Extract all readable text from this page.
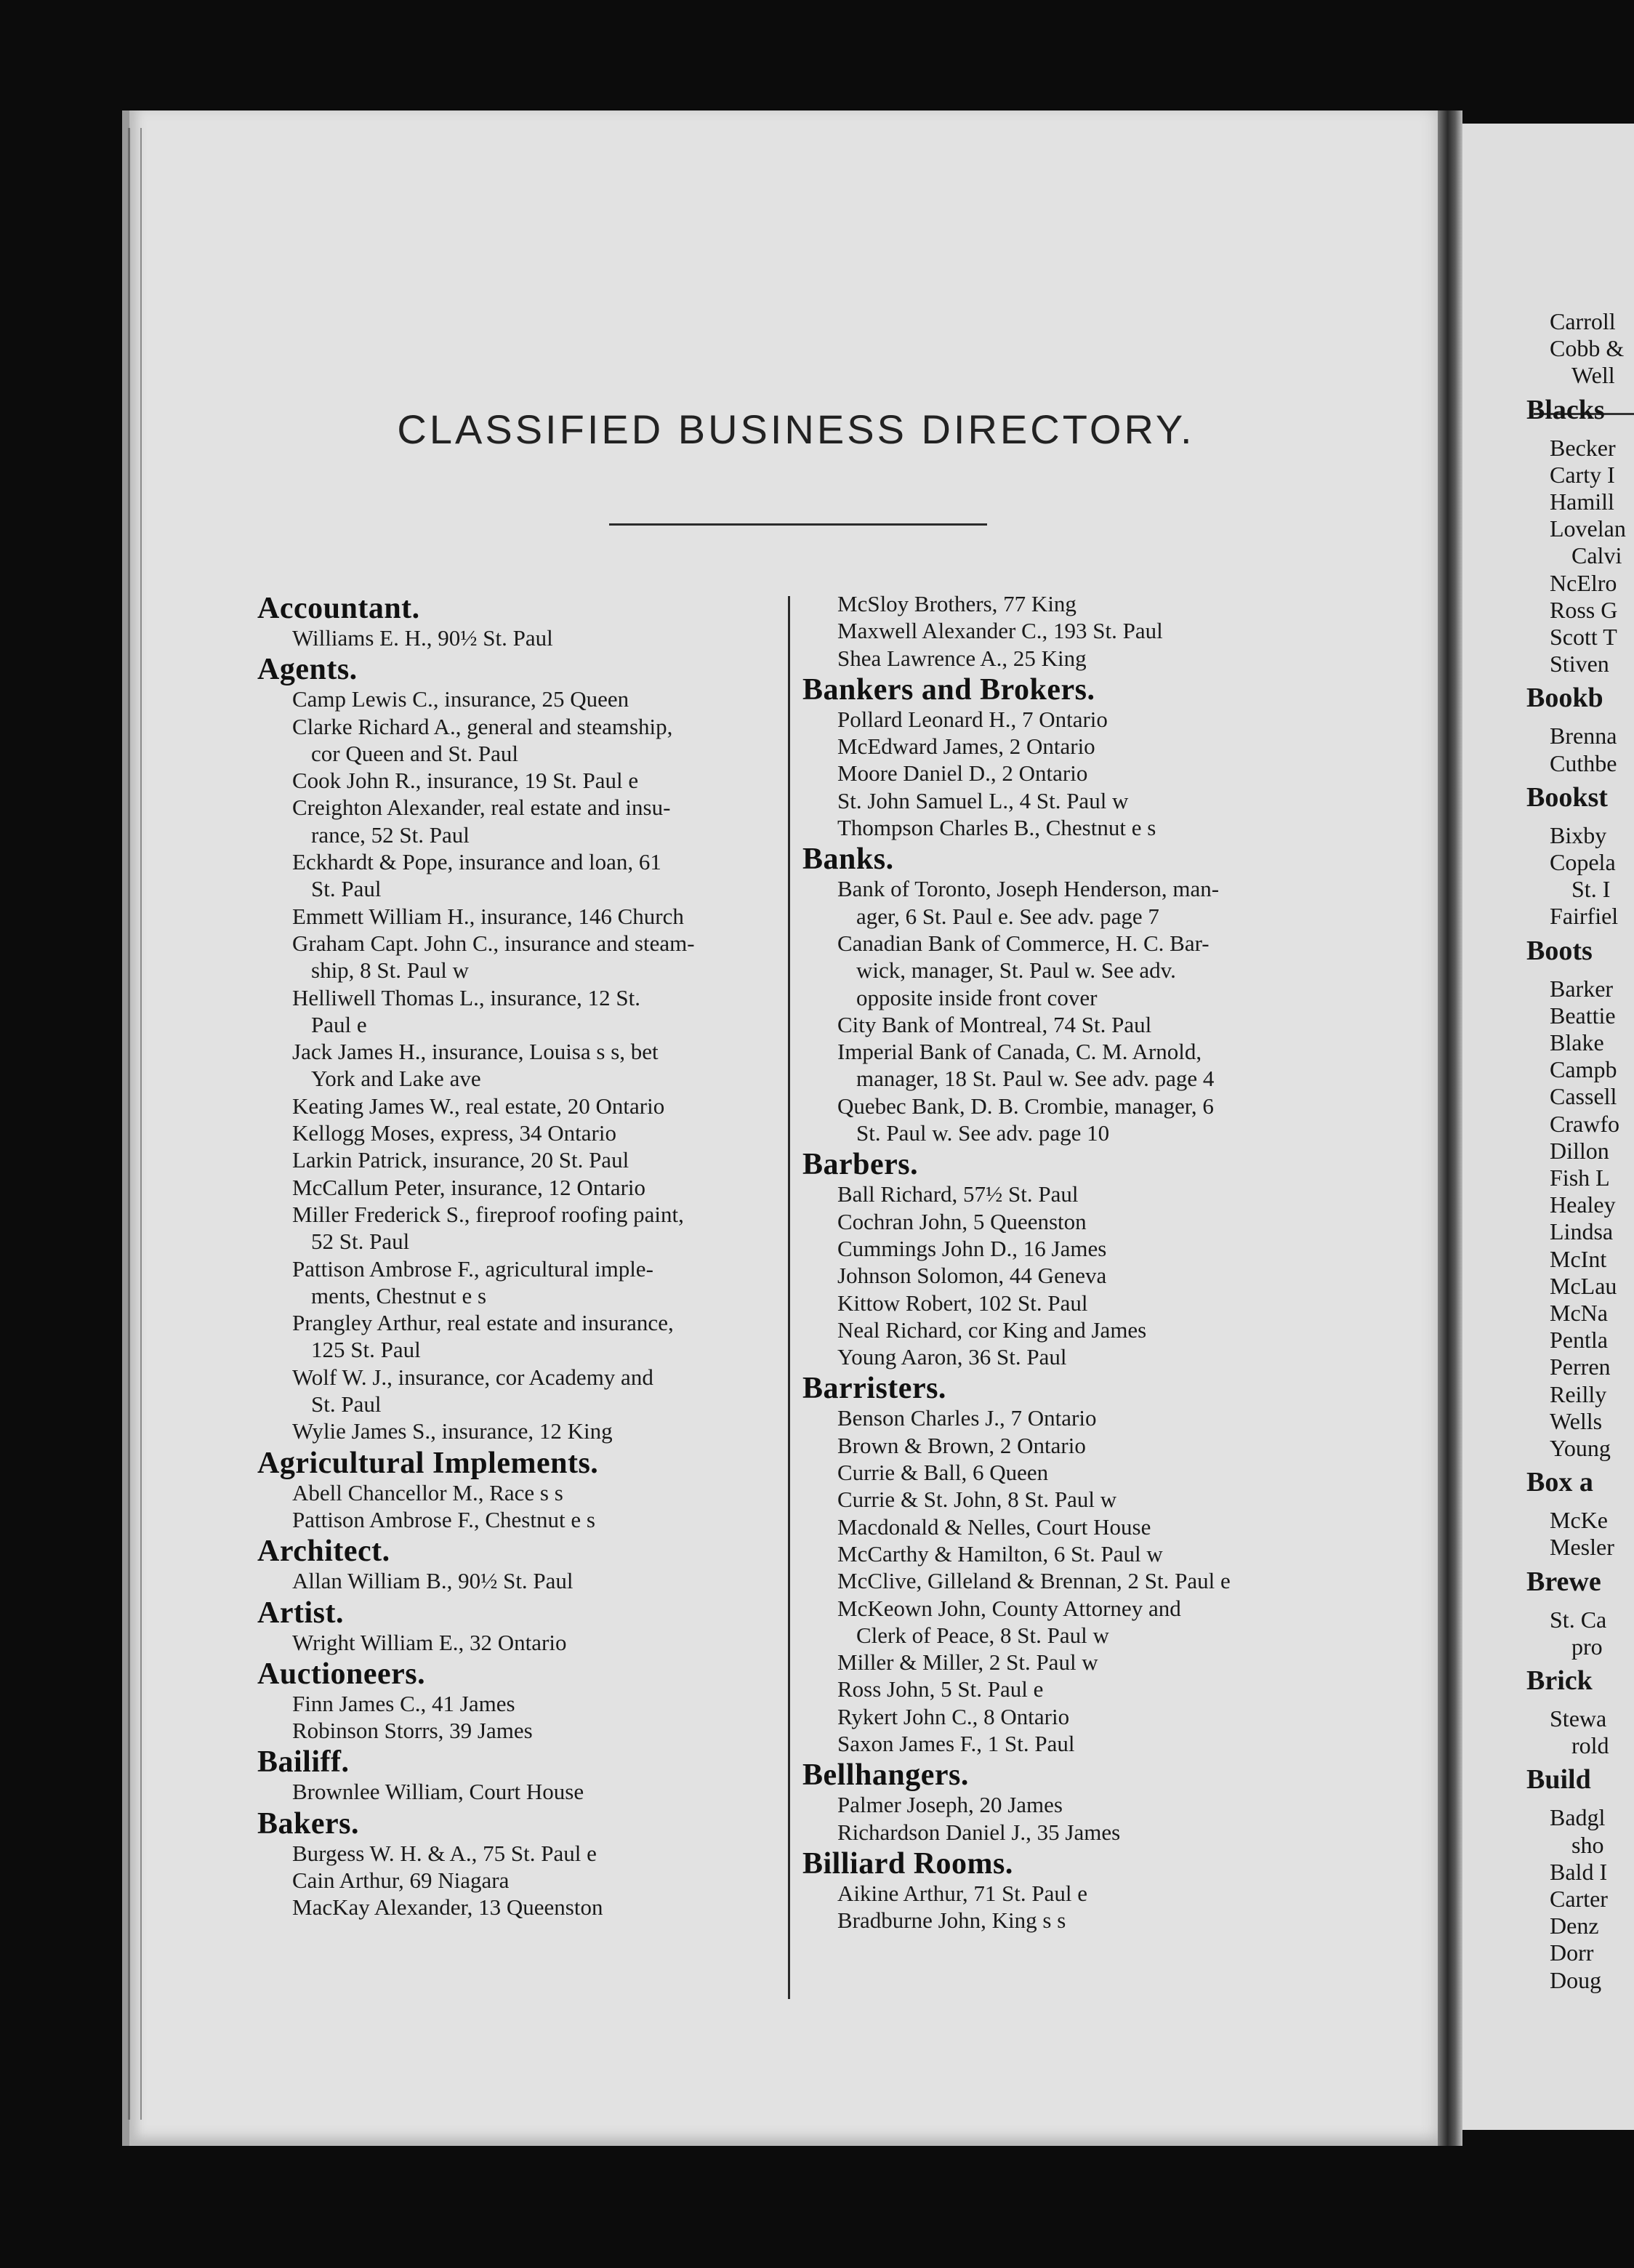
Carroll
Cobb &
Well
Blacks
Becker
Carty I
Hamill
Lovelan
Calvi
NcElro
Ross G
Scott T
Stiven
Bookb
Brenna
Cuthbe
Bookst
Bixby
Copela
St. I
Fairfiel
Boots
Barker
Beattie
Blake
Campb
Cassell
Crawfo
Dillon
Fish L
Healey
Lindsa
McInt
McLau
McNa
Pentla
Perren
Reilly
Wells
Young
Box a
McKe
Mesler
Brewe
St. Ca
pro
Brick
Stewa
rold
Build
Badgl
sho
Bald I
Carter
Denz
Dorr
Doug
CLASSIFIED BUSINESS DIRECTORY.
Accountant.
Williams E. H., 90½ St. Paul
Agents.
Camp Lewis C., insurance, 25 Queen
Clarke Richard A., general and steamship,
cor Queen and St. Paul
Cook John R., insurance, 19 St. Paul e
Creighton Alexander, real estate and insu-
rance, 52 St. Paul
Eckhardt & Pope, insurance and loan, 61
St. Paul
Emmett William H., insurance, 146 Church
Graham Capt. John C., insurance and steam-
ship, 8 St. Paul w
Helliwell Thomas L., insurance, 12 St.
Paul e
Jack James H., insurance, Louisa s s, bet
York and Lake ave
Keating James W., real estate, 20 Ontario
Kellogg Moses, express, 34 Ontario
Larkin Patrick, insurance, 20 St. Paul
McCallum Peter, insurance, 12 Ontario
Miller Frederick S., fireproof roofing paint,
52 St. Paul
Pattison Ambrose F., agricultural imple-
ments, Chestnut e s
Prangley Arthur, real estate and insurance,
125 St. Paul
Wolf W. J., insurance, cor Academy and
St. Paul
Wylie James S., insurance, 12 King
Agricultural Implements.
Abell Chancellor M., Race s s
Pattison Ambrose F., Chestnut e s
Architect.
Allan William B., 90½ St. Paul
Artist.
Wright William E., 32 Ontario
Auctioneers.
Finn James C., 41 James
Robinson Storrs, 39 James
Bailiff.
Brownlee William, Court House
Bakers.
Burgess W. H. & A., 75 St. Paul e
Cain Arthur, 69 Niagara
MacKay Alexander, 13 Queenston
McSloy Brothers, 77 King
Maxwell Alexander C., 193 St. Paul
Shea Lawrence A., 25 King
Bankers and Brokers.
Pollard Leonard H., 7 Ontario
McEdward James, 2 Ontario
Moore Daniel D., 2 Ontario
St. John Samuel L., 4 St. Paul w
Thompson Charles B., Chestnut e s
Banks.
Bank of Toronto, Joseph Henderson, man-
ager, 6 St. Paul e. See adv. page 7
Canadian Bank of Commerce, H. C. Bar-
wick, manager, St. Paul w. See adv.
opposite inside front cover
City Bank of Montreal, 74 St. Paul
Imperial Bank of Canada, C. M. Arnold,
manager, 18 St. Paul w. See adv. page 4
Quebec Bank, D. B. Crombie, manager, 6
St. Paul w. See adv. page 10
Barbers.
Ball Richard, 57½ St. Paul
Cochran John, 5 Queenston
Cummings John D., 16 James
Johnson Solomon, 44 Geneva
Kittow Robert, 102 St. Paul
Neal Richard, cor King and James
Young Aaron, 36 St. Paul
Barristers.
Benson Charles J., 7 Ontario
Brown & Brown, 2 Ontario
Currie & Ball, 6 Queen
Currie & St. John, 8 St. Paul w
Macdonald & Nelles, Court House
McCarthy & Hamilton, 6 St. Paul w
McClive, Gilleland & Brennan, 2 St. Paul e
McKeown John, County Attorney and
Clerk of Peace, 8 St. Paul w
Miller & Miller, 2 St. Paul w
Ross John, 5 St. Paul e
Rykert John C., 8 Ontario
Saxon James F., 1 St. Paul
Bellhangers.
Palmer Joseph, 20 James
Richardson Daniel J., 35 James
Billiard Rooms.
Aikine Arthur, 71 St. Paul e
Bradburne John, King s s
